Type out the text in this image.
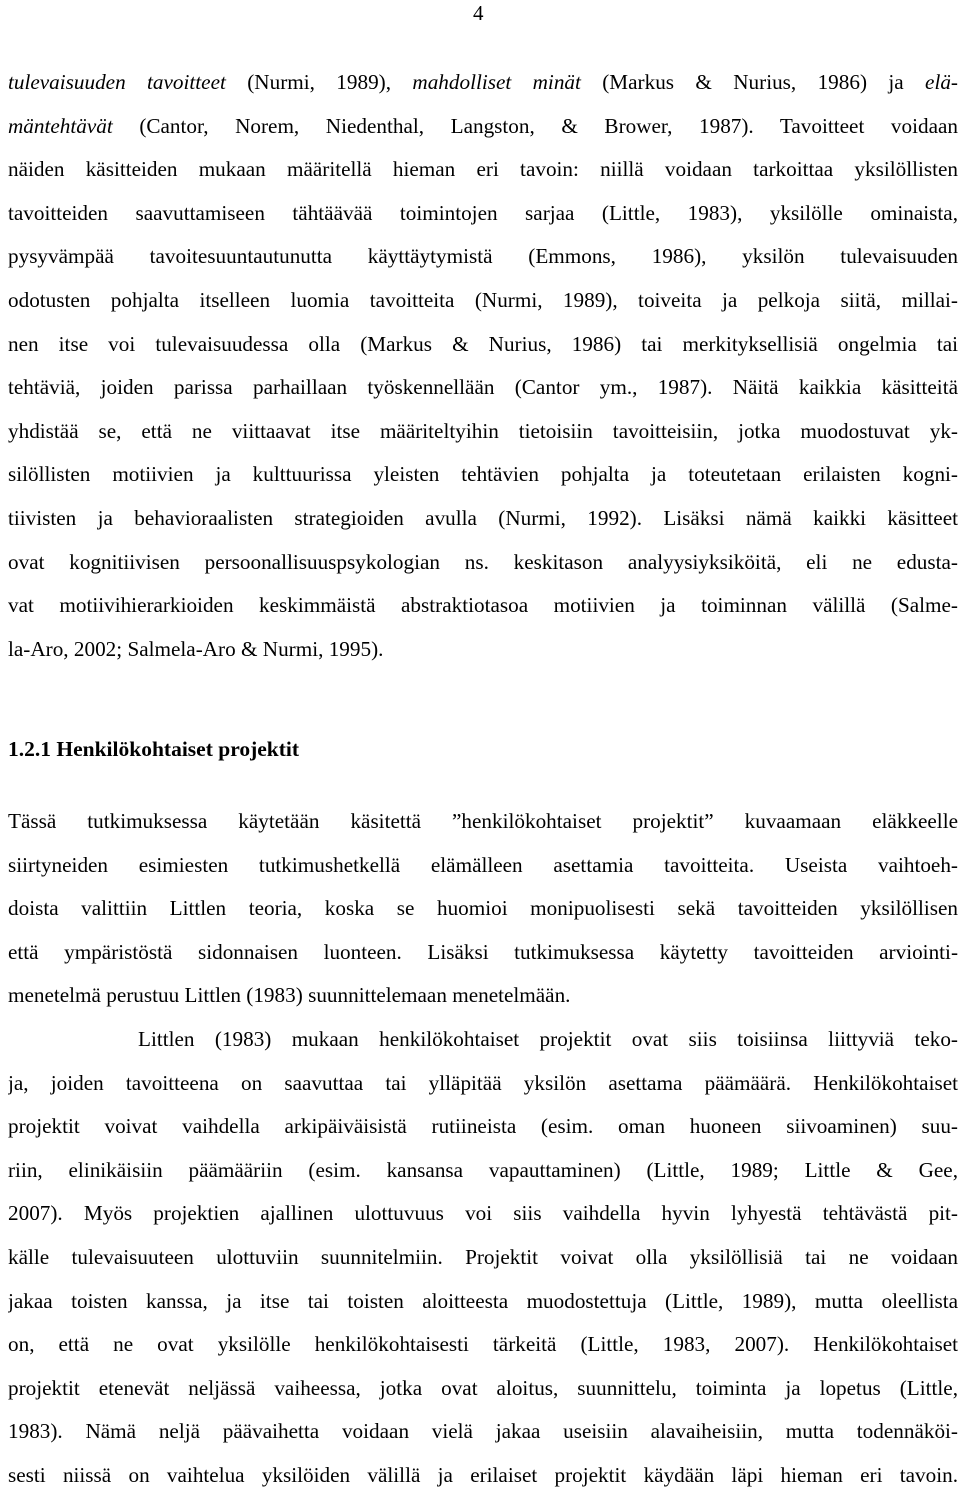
4
tulevaisuuden tavoitteet (Nurmi, 1989), mahdolliset minät (Markus & Nurius, 1986) ja elä-
mäntehtävät (Cantor, Norem, Niedenthal, Langston, & Brower, 1987). Tavoitteet voidaan
näiden käsitteiden mukaan määritellä hieman eri tavoin: niillä voidaan tarkoittaa yksilöllisten
tavoitteiden saavuttamiseen tähtäävää toimintojen sarjaa (Little, 1983), yksilölle ominaista,
pysyvämpää tavoitesuuntautunutta käyttäytymistä (Emmons, 1986), yksilön tulevaisuuden
odotusten pohjalta itselleen luomia tavoitteita (Nurmi, 1989), toiveita ja pelkoja siitä, millai-
nen itse voi tulevaisuudessa olla (Markus & Nurius, 1986) tai merkityksellisiä ongelmia tai
tehtäviä, joiden parissa parhaillaan työskennellään (Cantor ym., 1987). Näitä kaikkia käsitteitä
yhdistää se, että ne viittaavat itse määriteltyihin tietoisiin tavoitteisiin, jotka muodostuvat yk-
silöllisten motiivien ja kulttuurissa yleisten tehtävien pohjalta ja toteutetaan erilaisten kogni-
tiivisten ja behavioraalisten strategioiden avulla (Nurmi, 1992). Lisäksi nämä kaikki käsitteet
ovat kognitiivisen persoonallisuuspsykologian ns. keskitason analyysiyksiköitä, eli ne edusta-
vat motiivihierarkioiden keskimmäistä abstraktiotasoa motiivien ja toiminnan välillä (Salme-
la-Aro, 2002; Salmela-Aro & Nurmi, 1995).
1.2.1 Henkilökohtaiset projektit
Tässä tutkimuksessa käytetään käsitettä ”henkilökohtaiset projektit” kuvaamaan eläkkeelle
siirtyneiden esimiesten tutkimushetkellä elämälleen asettamia tavoitteita. Useista vaihtoeh-
doista valittiin Littlen teoria, koska se huomioi monipuolisesti sekä tavoitteiden yksilöllisen
että ympäristöstä sidonnaisen luonteen. Lisäksi tutkimuksessa käytetty tavoitteiden arviointi-
menetelmä perustuu Littlen (1983) suunnittelemaan menetelmään.
Littlen (1983) mukaan henkilökohtaiset projektit ovat siis toisiinsa liittyviä teko-
ja, joiden tavoitteena on saavuttaa tai ylläpitää yksilön asettama päämäärä. Henkilökohtaiset
projektit voivat vaihdella arkipäiväisistä rutiineista (esim. oman huoneen siivoaminen) suu-
riin, elinikäisiin päämääriin (esim. kansansa vapauttaminen) (Little, 1989; Little & Gee,
2007). Myös projektien ajallinen ulottuvuus voi siis vaihdella hyvin lyhyestä tehtävästä pit-
källe tulevaisuuteen ulottuviin suunnitelmiin. Projektit voivat olla yksilöllisiä tai ne voidaan
jakaa toisten kanssa, ja itse tai toisten aloitteesta muodostettuja (Little, 1989), mutta oleellista
on, että ne ovat yksilölle henkilökohtaisesti tärkeitä (Little, 1983, 2007). Henkilökohtaiset
projektit etenevät neljässä vaiheessa, jotka ovat aloitus, suunnittelu, toiminta ja lopetus (Little,
1983). Nämä neljä päävaihetta voidaan vielä jakaa useisiin alavaiheisiin, mutta todennäköi-
sesti niissä on vaihtelua yksilöiden välillä ja erilaiset projektit käydään läpi hieman eri tavoin.
